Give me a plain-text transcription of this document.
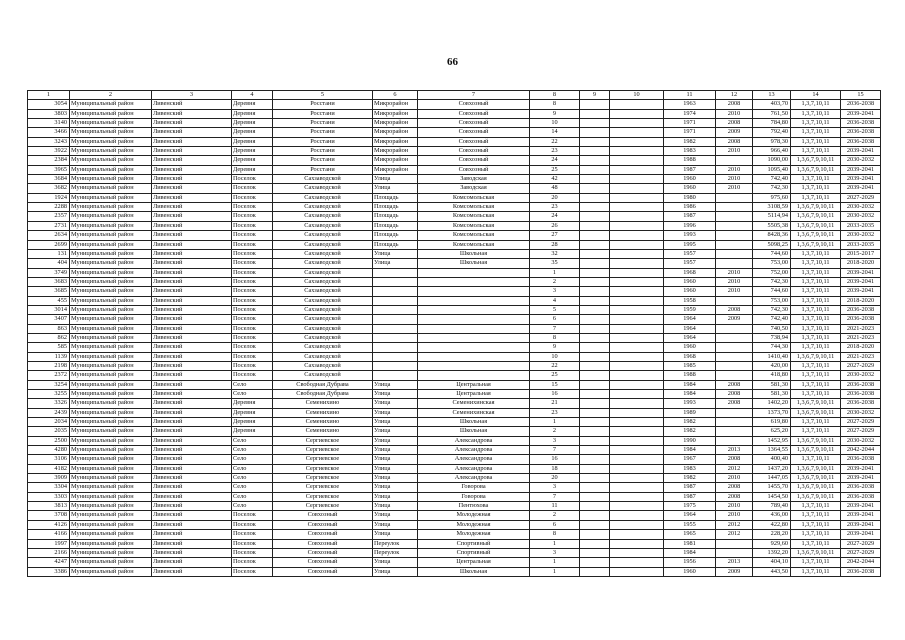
66
1	2	3	4	5	6	7	8	9	10	11	12	13	14	15
3054	Муниципальный район	Ливенский	Деревня	Росстани	Микрорайон	Совхозный	8			1963	2008	403,70	1,3,7,10,11	2036-2038
3803	Муниципальный район	Ливенский	Деревня	Росстани	Микрорайон	Совхозный	9			1974	2010	761,50	1,3,7,10,11	2039-2041
3140	Муниципальный район	Ливенский	Деревня	Росстани	Микрорайон	Совхозный	10			1971	2008	784,80	1,3,7,10,11	2036-2038
3466	Муниципальный район	Ливенский	Деревня	Росстани	Микрорайон	Совхозный	14			1971	2009	792,40	1,3,7,10,11	2036-2038
3243	Муниципальный район	Ливенский	Деревня	Росстани	Микрорайон	Совхозный	22			1982	2008	978,30	1,3,7,10,11	2036-2038
3922	Муниципальный район	Ливенский	Деревня	Росстани	Микрорайон	Совхозный	23			1983	2010	966,40	1,3,7,10,11	2039-2041
2384	Муниципальный район	Ливенский	Деревня	Росстани	Микрорайон	Совхозный	24			1988		1090,00	1,3,6,7,9,10,11	2030-2032
3965	Муниципальный район	Ливенский	Деревня	Росстани	Микрорайон	Совхозный	25			1987	2010	1095,40	1,3,6,7,9,10,11	2039-2041
3684	Муниципальный район	Ливенский	Поселок	Сахзаводской	Улица	Заводская	42			1960	2010	742,40	1,3,7,10,11	2039-2041
3682	Муниципальный район	Ливенский	Поселок	Сахзаводской	Улица	Заводская	48			1960	2010	742,30	1,3,7,10,11	2039-2041
1924	Муниципальный район	Ливенский	Поселок	Сахзаводской	Площадь	Комсомольская	20			1980		975,60	1,3,7,10,11	2027-2029
2288	Муниципальный район	Ливенский	Поселок	Сахзаводской	Площадь	Комсомольская	23			1986		3108,59	1,3,6,7,9,10,11	2030-2032
2357	Муниципальный район	Ливенский	Поселок	Сахзаводской	Площадь	Комсомольская	24			1987		5114,94	1,3,6,7,9,10,11	2030-2032
2731	Муниципальный район	Ливенский	Поселок	Сахзаводской	Площадь	Комсомольская	26			1996		5505,38	1,3,6,7,9,10,11	2033-2035
2634	Муниципальный район	Ливенский	Поселок	Сахзаводской	Площадь	Комсомольская	27			1993		8428,36	1,3,6,7,9,10,11	2030-2032
2699	Муниципальный район	Ливенский	Поселок	Сахзаводской	Площадь	Комсомольская	28			1995		5098,25	1,3,6,7,9,10,11	2033-2035
131	Муниципальный район	Ливенский	Поселок	Сахзаводской	Улица	Школьная	32			1957		744,60	1,3,7,10,11	2015-2017
404	Муниципальный район	Ливенский	Поселок	Сахзаводской	Улица	Школьная	35			1957		753,00	1,3,7,10,11	2018-2020
3749	Муниципальный район	Ливенский	Поселок	Сахзаводской			1			1968	2010	752,00	1,3,7,10,11	2039-2041
3683	Муниципальный район	Ливенский	Поселок	Сахзаводской			2			1960	2010	742,30	1,3,7,10,11	2039-2041
3685	Муниципальный район	Ливенский	Поселок	Сахзаводской			3			1960	2010	744,60	1,3,7,10,11	2039-2041
455	Муниципальный район	Ливенский	Поселок	Сахзаводской			4			1958		753,00	1,3,7,10,11	2018-2020
3014	Муниципальный район	Ливенский	Поселок	Сахзаводской			5			1959	2008	742,30	1,3,7,10,11	2036-2038
3407	Муниципальный район	Ливенский	Поселок	Сахзаводской			6			1964	2009	742,40	1,3,7,10,11	2036-2038
863	Муниципальный район	Ливенский	Поселок	Сахзаводской			7			1964		740,50	1,3,7,10,11	2021-2023
862	Муниципальный район	Ливенский	Поселок	Сахзаводской			8			1964		738,94	1,3,7,10,11	2021-2023
585	Муниципальный район	Ливенский	Поселок	Сахзаводской			9			1960		744,30	1,3,7,10,11	2018-2020
1139	Муниципальный район	Ливенский	Поселок	Сахзаводской			10			1968		1410,40	1,3,6,7,9,10,11	2021-2023
2198	Муниципальный район	Ливенский	Поселок	Сахзаводской			22			1985		420,00	1,3,7,10,11	2027-2029
2372	Муниципальный район	Ливенский	Поселок	Сахзаводской			25			1988		418,80	1,3,7,10,11	2030-2032
3254	Муниципальный район	Ливенский	Село	Свободная Дубрава	Улица	Центральная	15			1984	2008	581,30	1,3,7,10,11	2036-2038
3255	Муниципальный район	Ливенский	Село	Свободная Дубрава	Улица	Центральная	16			1984	2008	581,30	1,3,7,10,11	2036-2038
3326	Муниципальный район	Ливенский	Деревня	Семенихино	Улица	Семенихинская	21			1993	2008	1402,20	1,3,6,7,9,10,11	2036-2038
2439	Муниципальный район	Ливенский	Деревня	Семенихино	Улица	Семенихинская	23			1989		1373,70	1,3,6,7,9,10,11	2030-2032
2034	Муниципальный район	Ливенский	Деревня	Семенихино	Улица	Школьная	1			1982		619,80	1,3,7,10,11	2027-2029
2035	Муниципальный район	Ливенский	Деревня	Семенихино	Улица	Школьная	2			1982		625,20	1,3,7,10,11	2027-2029
2500	Муниципальный район	Ливенский	Село	Сергиевское	Улица	Александрова	3			1990		1452,95	1,3,6,7,9,10,11	2030-2032
4280	Муниципальный район	Ливенский	Село	Сергиевское	Улица	Александрова	7			1984	2013	1364,55	1,3,6,7,9,10,11	2042-2044
3106	Муниципальный район	Ливенский	Село	Сергиевское	Улица	Александрова	16			1967	2008	400,40	1,3,7,10,11	2036-2038
4182	Муниципальный район	Ливенский	Село	Сергиевское	Улица	Александрова	18			1983	2012	1437,20	1,3,6,7,9,10,11	2039-2041
3909	Муниципальный район	Ливенский	Село	Сергиевское	Улица	Александрова	20			1982	2010	1447,05	1,3,6,7,9,10,11	2039-2041
3304	Муниципальный район	Ливенский	Село	Сергиевское	Улица	Говорова	3			1987	2008	1455,70	1,3,6,7,9,10,11	2036-2038
3303	Муниципальный район	Ливенский	Село	Сергиевское	Улица	Говорова	7			1987	2008	1454,50	1,3,6,7,9,10,11	2036-2038
3813	Муниципальный район	Ливенский	Село	Сергиевское	Улица	Пентюхова	11			1975	2010	789,40	1,3,7,10,11	2039-2041
3708	Муниципальный район	Ливенский	Поселок	Совхозный	Улица	Молодежная	2			1964	2010	436,00	1,3,7,10,11	2039-2041
4126	Муниципальный район	Ливенский	Поселок	Совхозный	Улица	Молодежная	6			1955	2012	422,80	1,3,7,10,11	2039-2041
4166	Муниципальный район	Ливенский	Поселок	Совхозный	Улица	Молодежная	8			1965	2012	228,20	1,3,7,10,11	2039-2041
1997	Муниципальный район	Ливенский	Поселок	Совхозный	Переулок	Спортивный	1			1981		929,60	1,3,7,10,11	2027-2029
2166	Муниципальный район	Ливенский	Поселок	Совхозный	Переулок	Спортивный	3			1984		1392,20	1,3,6,7,9,10,11	2027-2029
4247	Муниципальный район	Ливенский	Поселок	Совхозный	Улица	Центральная	1			1956	2013	404,10	1,3,7,10,11	2042-2044
3386	Муниципальный район	Ливенский	Поселок	Совхозный	Улица	Школьная	1			1960	2009	443,50	1,3,7,10,11	2036-2038
